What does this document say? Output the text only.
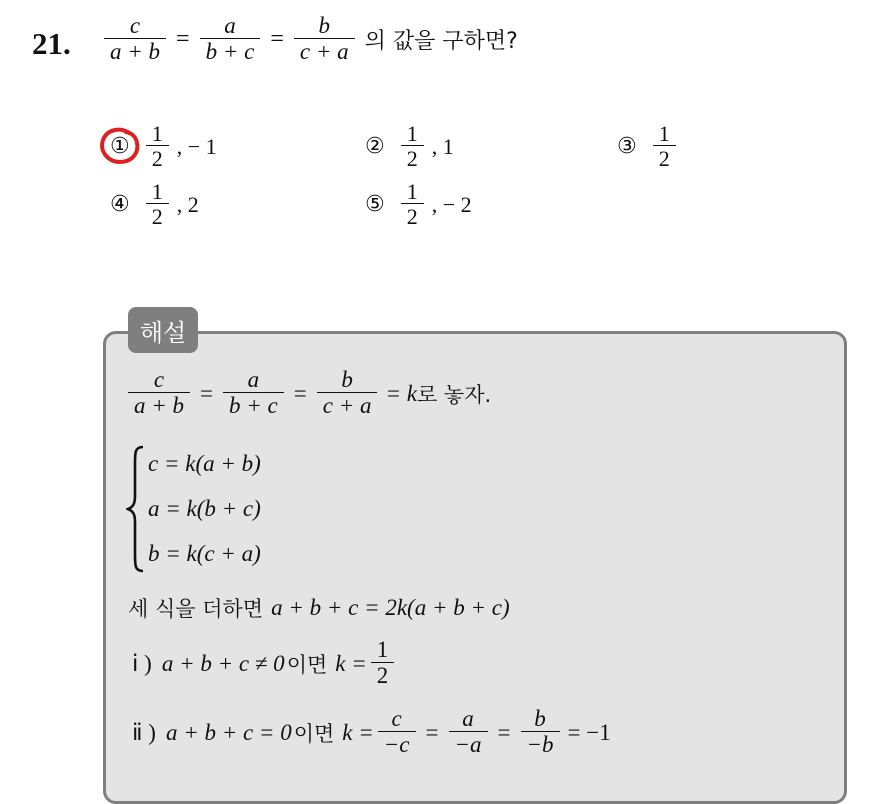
21. $\frac{c}{a + b} = \frac{a}{b + c} = \frac{b}{c + a}$ 의 값을 구하면?
① $\frac{1}{2}$ , − 1	② $\frac{1}{2}$ , 1	③ $\frac{1}{2}$
④ $\frac{1}{2}$ , 2	⑤ $\frac{1}{2}$ , − 2
해설
$\frac{c}{a + b} = \frac{a}{b + c} = \frac{b}{c + a} = k$ 로 놓자.
c = k(a + b)
a = k(b + c)
b = k(c + a)
세 식을 더하면 a + b + c = 2k(a + b + c)
ⅰ ) a + b + c ≠ 0 이면 $k = \frac{1}{2}$
ⅱ ) a + b + c = 0 이면 $k = \frac{c}{-c} = \frac{a}{-a} = \frac{b}{-b} = -1$
